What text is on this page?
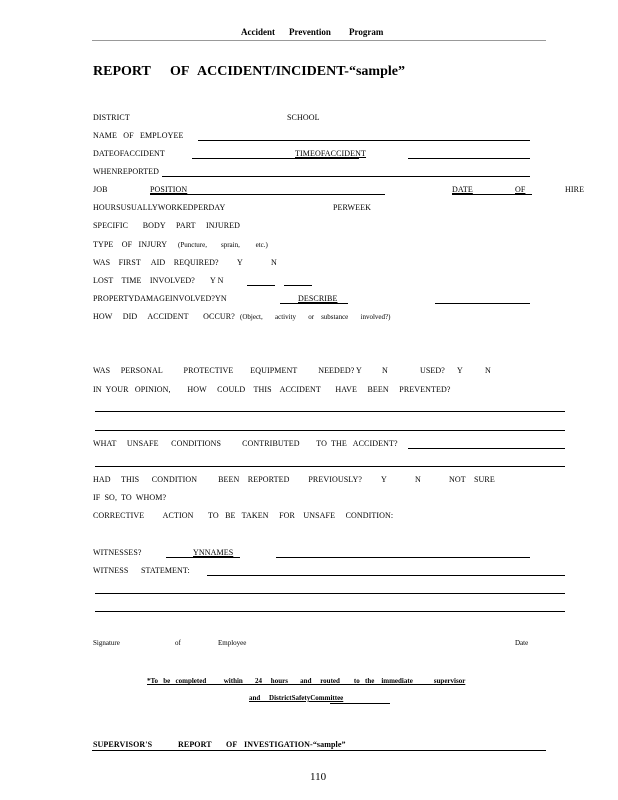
Accident Prevention Program
REPORT OF ACCIDENT/INCIDENT-“sample”
DISTRICT	SCHOOL
NAME   OF   EMPLOYEE
DATEOFACCIDENT	TIMEOFACCIDENT
WHENREPORTED
JOB	POSITION	DATE	OF	HIRE
HOURSUSUALLYWORKEDPERDAY	PERWEEK
SPECIFIC       BODY     PART     INJURED
TYPE    OF   INJURY (Puncture,        sprain,         etc.)
WAS    FIRST     AID    REQUIRED? Y	N
LOST    TIME    INVOLVED? Y N
PROPERTYDAMAGEINVOLVED?YN	DESCRIBE
HOW     DID     ACCIDENT       OCCUR? (Object,       activity       or    substance       involved?)
WAS     PERSONAL          PROTECTIVE        EQUIPMENT          NEEDED? Y	N	USED? Y	N
IN  YOUR   OPINION,        HOW     COULD    THIS    ACCIDENT       HAVE     BEEN     PREVENTED?
WHAT     UNSAFE      CONDITIONS          CONTRIBUTED        TO  THE   ACCIDENT?
HAD     THIS      CONDITION          BEEN    REPORTED         PREVIOUSLY? Y	N	NOT    SURE
IF  SO,  TO  WHOM?
CORRECTIVE         ACTION       TO   BE   TAKEN     FOR    UNSAFE     CONDITION:
WITNESSES?	YNNAMES
WITNESS      STATEMENT:
Signature	of	Employee	Date
*To   be   completed          within       24     hours       and     routed        to   the    immediate            supervisor
and     DistrictSafetyCommittee
SUPERVISOR'S	REPORT OF INVESTIGATION-“sample”
110
